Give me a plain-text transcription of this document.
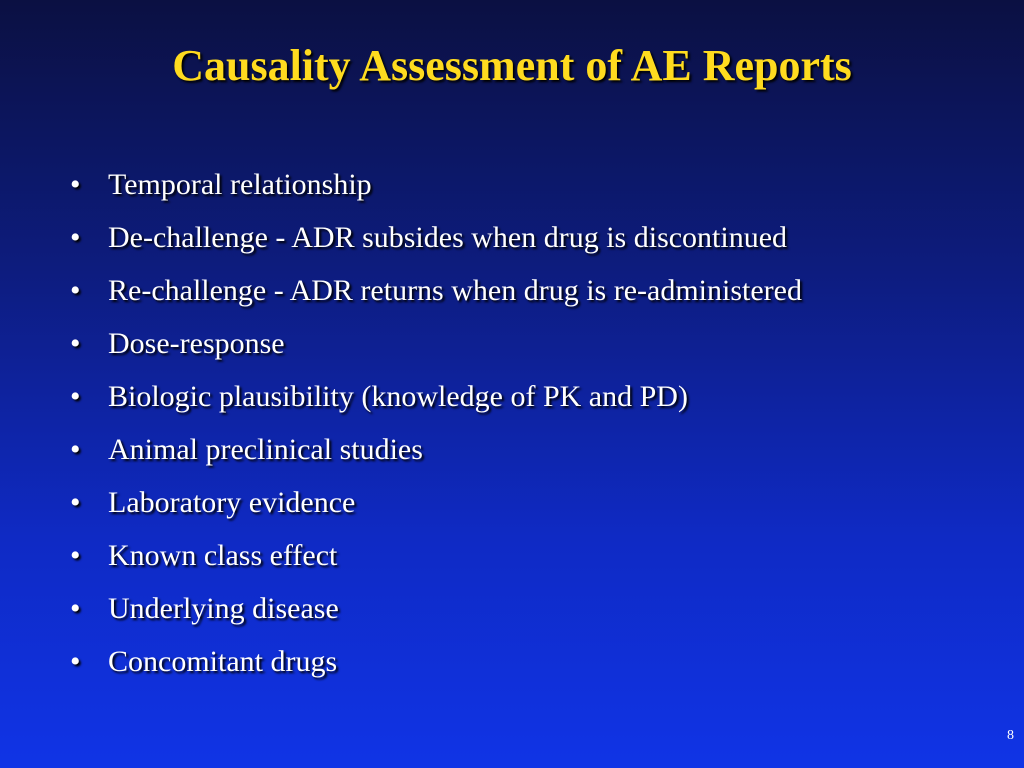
Causality Assessment of AE Reports
• Temporal relationship
• De-challenge - ADR subsides when drug is discontinued
• Re-challenge - ADR returns when drug is re-administered
• Dose-response
• Biologic plausibility (knowledge of PK and PD)
• Animal preclinical studies
• Laboratory evidence
• Known class effect
• Underlying disease
• Concomitant drugs
8
